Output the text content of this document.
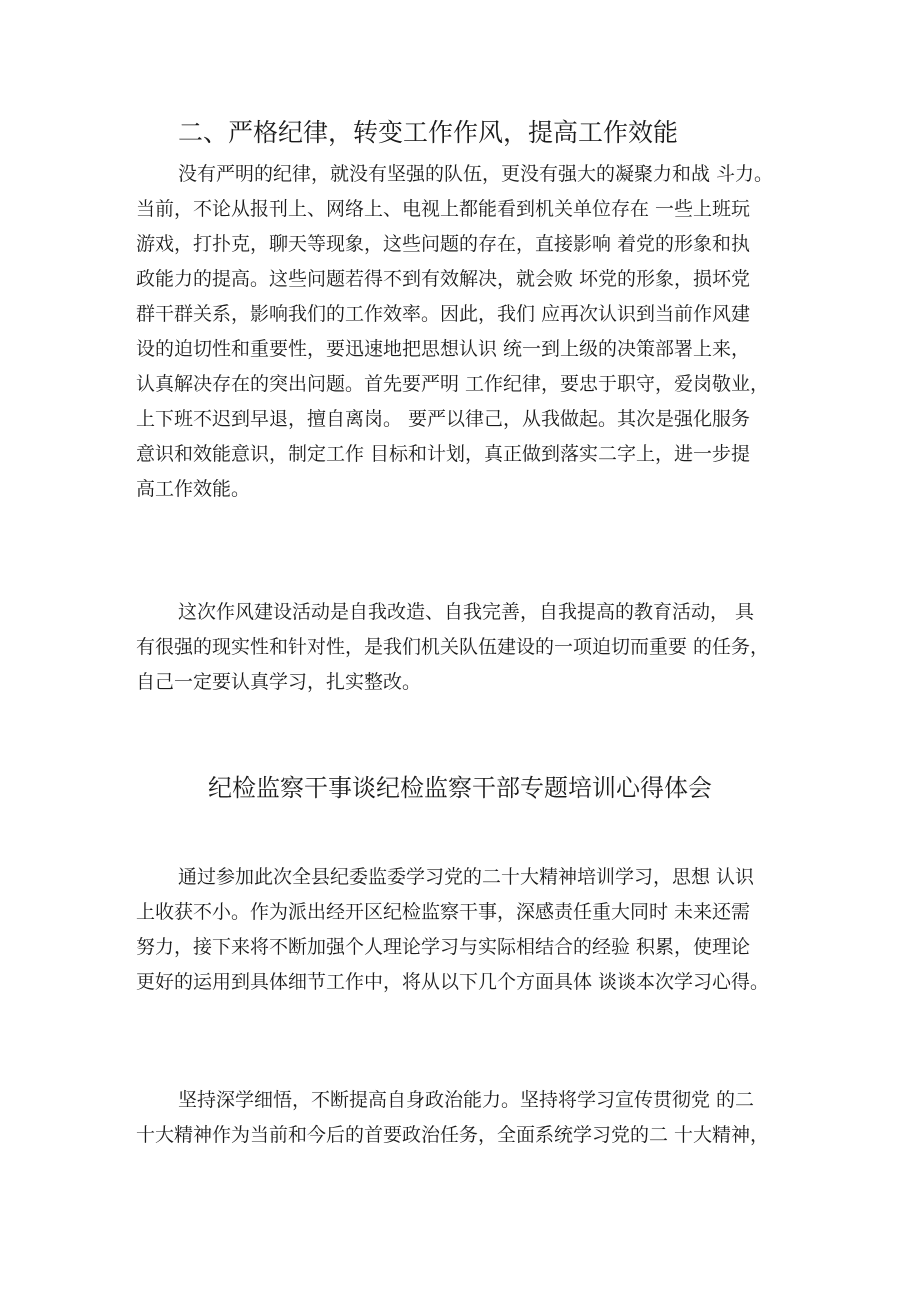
二、严格纪律，转变工作作风，提高工作效能
没有严明的纪律，就没有坚强的队伍，更没有强大的凝聚力和战 斗力。
当前，不论从报刊上、网络上、电视上都能看到机关单位存在 一些上班玩
游戏，打扑克，聊天等现象，这些问题的存在，直接影响 着党的形象和执
政能力的提高。这些问题若得不到有效解决，就会败 坏党的形象，损坏党
群干群关系，影响我们的工作效率。因此，我们 应再次认识到当前作风建
设的迫切性和重要性，要迅速地把思想认识 统一到上级的决策部署上来，
认真解决存在的突出问题。首先要严明 工作纪律，要忠于职守，爱岗敬业，
上下班不迟到早退，擅自离岗。 要严以律己，从我做起。其次是强化服务
意识和效能意识，制定工作 目标和计划，真正做到落实二字上，进一步提
高工作效能。
这次作风建设活动是自我改造、自我完善，自我提高的教育活动， 具
有很强的现实性和针对性，是我们机关队伍建设的一项迫切而重要 的任务，
自己一定要认真学习，扎实整改。
纪检监察干事谈纪检监察干部专题培训心得体会
通过参加此次全县纪委监委学习党的二十大精神培训学习，思想 认识
上收获不小。作为派出经开区纪检监察干事，深感责任重大同时 未来还需
努力，接下来将不断加强个人理论学习与实际相结合的经验 积累，使理论
更好的运用到具体细节工作中，将从以下几个方面具体 谈谈本次学习心得。
坚持深学细悟，不断提高自身政治能力。坚持将学习宣传贯彻党 的二
十大精神作为当前和今后的首要政治任务，全面系统学习党的二 十大精神，
